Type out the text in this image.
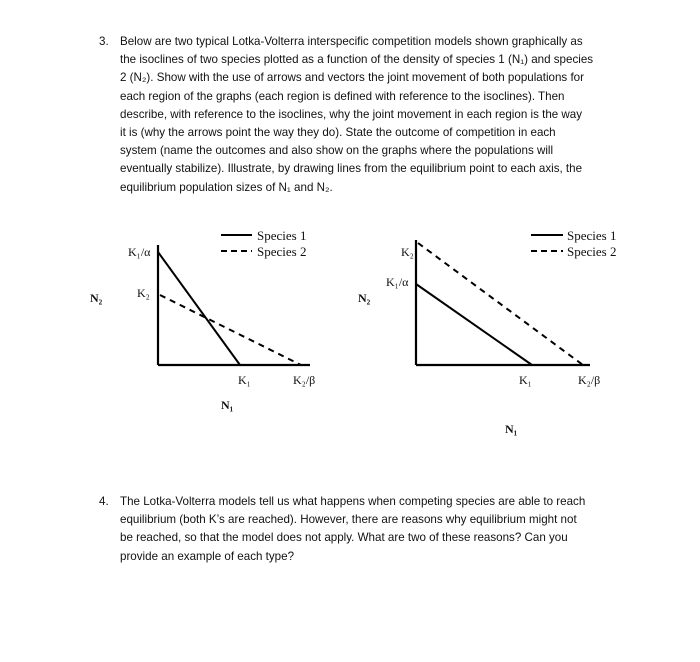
3. Below are two typical Lotka-Volterra interspecific competition models shown graphically as
the isoclines of two species plotted as a function of the density of species 1 (N₁) and species
2 (N₂). Show with the use of arrows and vectors the joint movement of both populations for
each region of the graphs (each region is defined with reference to the isoclines). Then
describe, with reference to the isoclines, why the joint movement in each region is the way
it is (why the arrows point the way they do). State the outcome of competition in each
system (name the outcomes and also show on the graphs where the populations will
eventually stabilize). Illustrate, by drawing lines from the equilibrium point to each axis, the
equilibrium population sizes of N₁ and N₂.
K₁/α
K₂
K₁	K₂/β
N₂
N₁
Species 1
Species 2	K₂
K₁/α
K₁	K₂/β
N₂
N₁
Species 1
Species 2
4. The Lotka-Volterra models tell us what happens when competing species are able to reach
equilibrium (both K’s are reached). However, there are reasons why equilibrium might not
be reached, so that the model does not apply. What are two of these reasons? Can you
provide an example of each type?
